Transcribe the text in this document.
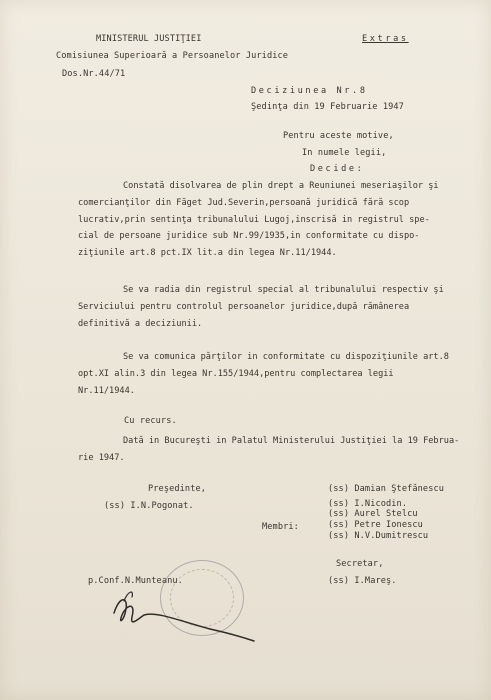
MINISTERUL JUSTIŢIEI	Extras
Comisiunea Superioară a Persoanelor Juridice
Dos.Nr.44/71
Deciziunea Nr.8
Şedinţa din 19 Februarie 1947
Pentru aceste motive,
In numele legii,
Decide:
Constată disolvarea de plin drept a Reuniunei meseriaşilor şi
comercianţilor din Făget Jud.Severin,persoană juridică fără scop
lucrativ,prin sentinţa tribunalului Lugoj,inscrisă in registrul spe-
cial de persoane juridice sub Nr.99/1935,in conformitate cu dispo-
ziţiunile art.8 pct.IX lit.a din legea Nr.11/1944.
Se va radia din registrul special al tribunalului respectiv şi
Serviciului pentru controlul persoanelor juridice,după rămânerea
definitivă a deciziunii.
Se va comunica părţilor in conformitate cu dispoziţiunile art.8
opt.XI alin.3 din legea Nr.155/1944,pentru complectarea legii
Nr.11/1944.
Cu recurs.
Dată in Bucureşti in Palatul Ministerului Justiţiei la 19 Februa-
rie 1947.
Preşedinte,
(ss) I.N.Pogonat.
(ss) Damian Ştefănescu
(ss) I.Nicodin.
(ss) Aurel Stelcu
(ss) Petre Ionescu
(ss) N.V.Dumitrescu
Membri:
Secretar,
(ss) I.Mareş.
p.Conf.N.Munteanu.
